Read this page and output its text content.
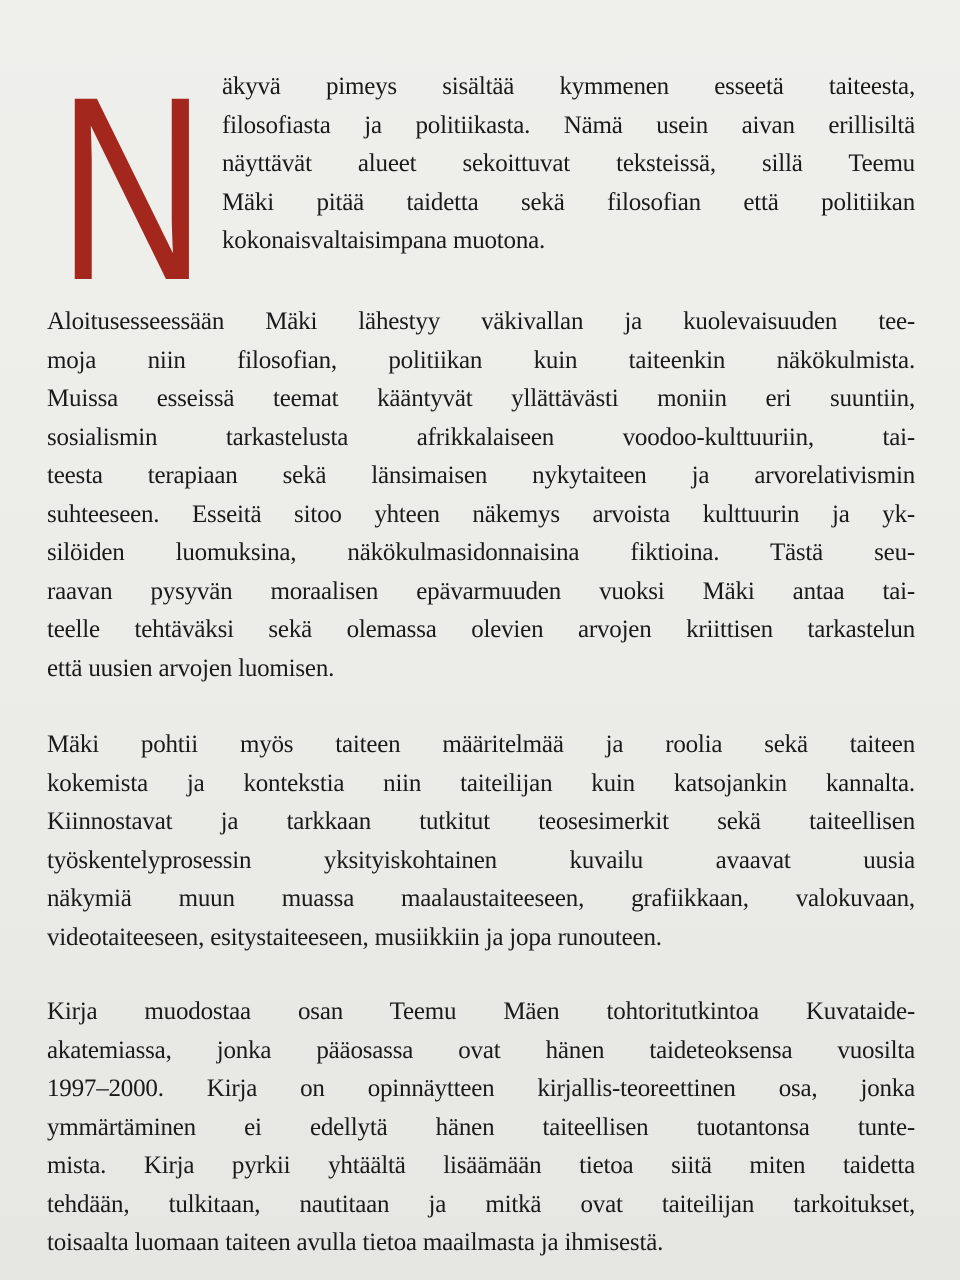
N äkyvä pimeys sisältää kymmenen esseetä taiteesta,
filosofiasta ja politiikasta. Nämä usein aivan erillisiltä
näyttävät alueet sekoittuvat teksteissä, sillä Teemu
Mäki pitää taidetta sekä filosofian että politiikan
kokonaisvaltaisimpana muotona.
Aloitusesseessään Mäki lähestyy väkivallan ja kuolevaisuuden tee-
moja niin filosofian, politiikan kuin taiteenkin näkökulmista.
Muissa esseissä teemat kääntyvät yllättävästi moniin eri suuntiin,
sosialismin tarkastelusta afrikkalaiseen voodoo-kulttuuriin, tai-
teesta terapiaan sekä länsimaisen nykytaiteen ja arvorelativismin
suhteeseen. Esseitä sitoo yhteen näkemys arvoista kulttuurin ja yk-
silöiden luomuksina, näkökulmasidonnaisina fiktioina. Tästä seu-
raavan pysyvän moraalisen epävarmuuden vuoksi Mäki antaa tai-
teelle tehtäväksi sekä olemassa olevien arvojen kriittisen tarkastelun
että uusien arvojen luomisen.
Mäki pohtii myös taiteen määritelmää ja roolia sekä taiteen
kokemista ja kontekstia niin taiteilijan kuin katsojankin kannalta.
Kiinnostavat ja tarkkaan tutkitut teosesimerkit sekä taiteellisen
työskentelyprosessin yksityiskohtainen kuvailu avaavat uusia
näkymiä muun muassa maalaustaiteeseen, grafiikkaan, valokuvaan,
videotaiteeseen, esitystaiteeseen, musiikkiin ja jopa runouteen.
Kirja muodostaa osan Teemu Mäen tohtoritutkintoa Kuvataide-
akatemiassa, jonka pääosassa ovat hänen taideteoksensa vuosilta
1997–2000. Kirja on opinnäytteen kirjallis-teoreettinen osa, jonka
ymmärtäminen ei edellytä hänen taiteellisen tuotantonsa tunte-
mista. Kirja pyrkii yhtäältä lisäämään tietoa siitä miten taidetta
tehdään, tulkitaan, nautitaan ja mitkä ovat taiteilijan tarkoitukset,
toisaalta luomaan taiteen avulla tietoa maailmasta ja ihmisestä.
